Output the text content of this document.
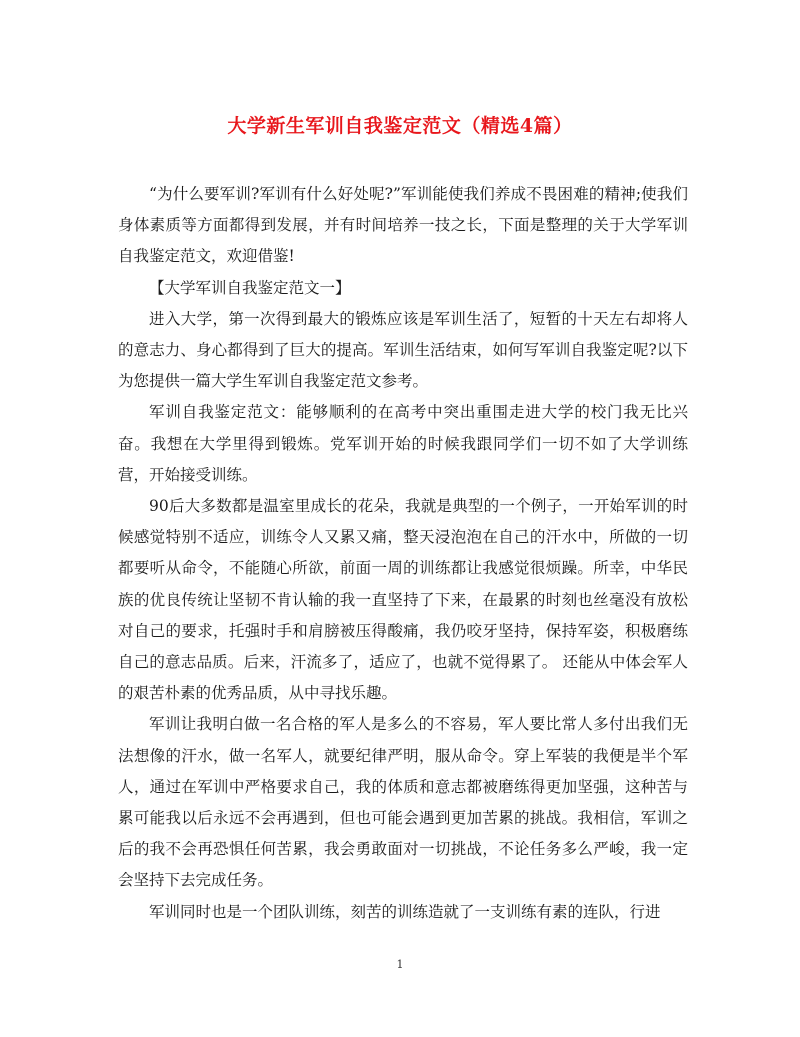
大学新生军训自我鉴定范文（精选4篇）

“为什么要军训?军训有什么好处呢?”军训能使我们养成不畏困难的精神;使我们身体素质等方面都得到发展，并有时间培养一技之长，下面是整理的关于大学军训自我鉴定范文，欢迎借鉴!

【大学军训自我鉴定范文一】

进入大学，第一次得到最大的锻炼应该是军训生活了，短暂的十天左右却将人的意志力、身心都得到了巨大的提高。军训生活结束，如何写军训自我鉴定呢?以下为您提供一篇大学生军训自我鉴定范文参考。

军训自我鉴定范文：能够顺利的在高考中突出重围走进大学的校门我无比兴奋。我想在大学里得到锻炼。党军训开始的时候我跟同学们一切不如了大学训练营，开始接受训练。

90后大多数都是温室里成长的花朵，我就是典型的一个例子，一开始军训的时候感觉特别不适应，训练令人又累又痛，整天浸泡泡在自己的汗水中，所做的一切都要听从命令，不能随心所欲，前面一周的训练都让我感觉很烦躁。所幸，中华民族的优良传统让坚韧不肯认输的我一直坚持了下来，在最累的时刻也丝毫没有放松对自己的要求，托强时手和肩膀被压得酸痛，我仍咬牙坚持，保持军姿，积极磨练自己的意志品质。后来，汗流多了，适应了，也就不觉得累了。 还能从中体会军人的艰苦朴素的优秀品质，从中寻找乐趣。

军训让我明白做一名合格的军人是多么的不容易，军人要比常人多付出我们无法想像的汗水，做一名军人，就要纪律严明，服从命令。穿上军装的我便是半个军人，通过在军训中严格要求自己，我的体质和意志都被磨练得更加坚强，这种苦与累可能我以后永远不会再遇到，但也可能会遇到更加苦累的挑战。我相信，军训之后的我不会再恐惧任何苦累，我会勇敢面对一切挑战，不论任务多么严峻，我一定会坚持下去完成任务。

军训同时也是一个团队训练，刻苦的训练造就了一支训练有素的连队，行进

1
